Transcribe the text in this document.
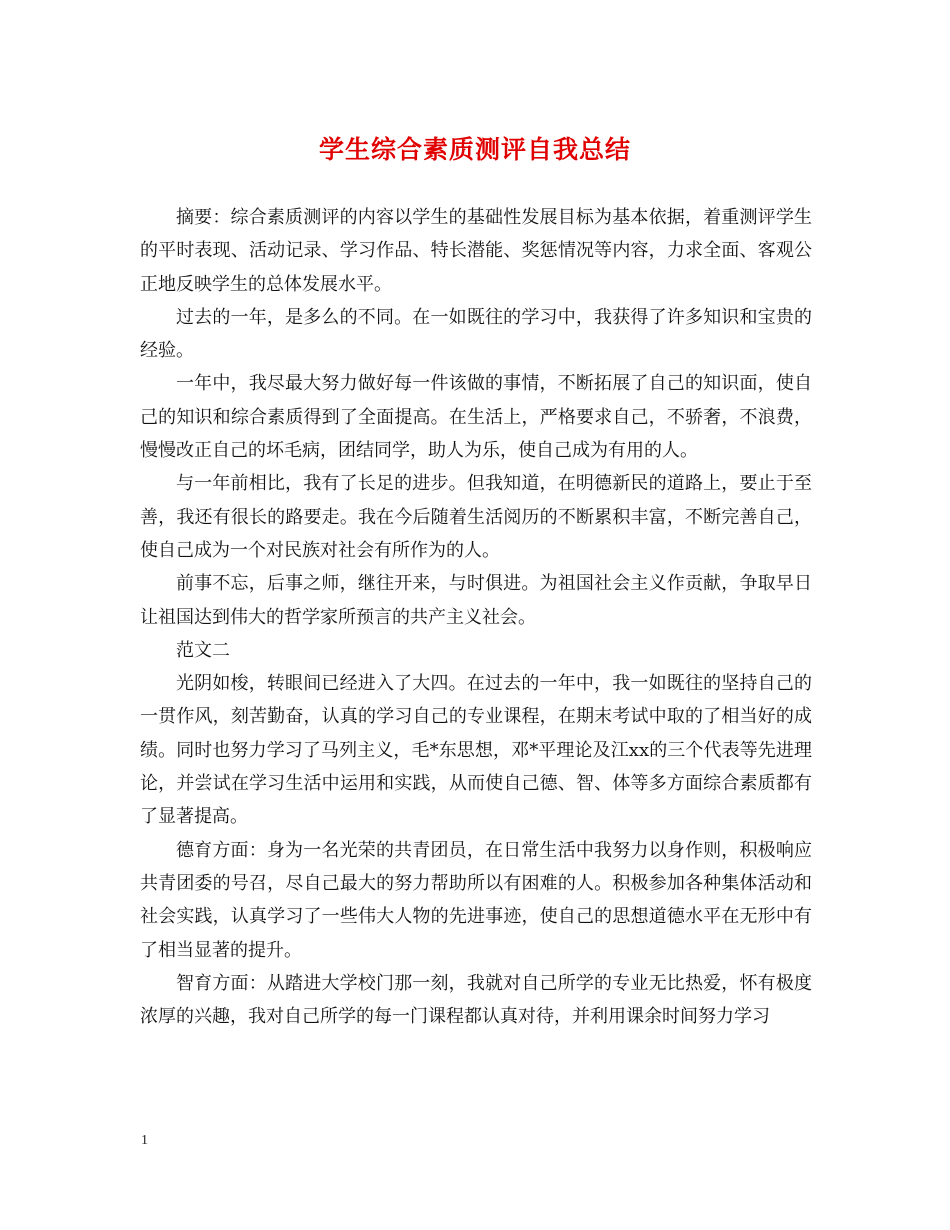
学生综合素质测评自我总结

摘要：综合素质测评的内容以学生的基础性发展目标为基本依据，着重测评学生的平时表现、活动记录、学习作品、特长潜能、奖惩情况等内容，力求全面、客观公正地反映学生的总体发展水平。

过去的一年，是多么的不同。在一如既往的学习中，我获得了许多知识和宝贵的经验。

一年中，我尽最大努力做好每一件该做的事情，不断拓展了自己的知识面，使自己的知识和综合素质得到了全面提高。在生活上，严格要求自己，不骄奢，不浪费，慢慢改正自己的坏毛病，团结同学，助人为乐，使自己成为有用的人。

与一年前相比，我有了长足的进步。但我知道，在明德新民的道路上，要止于至善，我还有很长的路要走。我在今后随着生活阅历的不断累积丰富，不断完善自己，使自己成为一个对民族对社会有所作为的人。

前事不忘，后事之师，继往开来，与时俱进。为祖国社会主义作贡献，争取早日让祖国达到伟大的哲学家所预言的共产主义社会。

范文二

光阴如梭，转眼间已经进入了大四。在过去的一年中，我一如既往的坚持自己的一贯作风，刻苦勤奋，认真的学习自己的专业课程，在期末考试中取的了相当好的成绩。同时也努力学习了马列主义，毛*东思想，邓*平理论及江xx的三个代表等先进理论，并尝试在学习生活中运用和实践，从而使自己德、智、体等多方面综合素质都有了显著提高。

德育方面：身为一名光荣的共青团员，在日常生活中我努力以身作则，积极响应共青团委的号召，尽自己最大的努力帮助所以有困难的人。积极参加各种集体活动和社会实践，认真学习了一些伟大人物的先进事迹，使自己的思想道德水平在无形中有了相当显著的提升。

智育方面：从踏进大学校门那一刻，我就对自己所学的专业无比热爱，怀有极度浓厚的兴趣，我对自己所学的每一门课程都认真对待，并利用课余时间努力学习

1
